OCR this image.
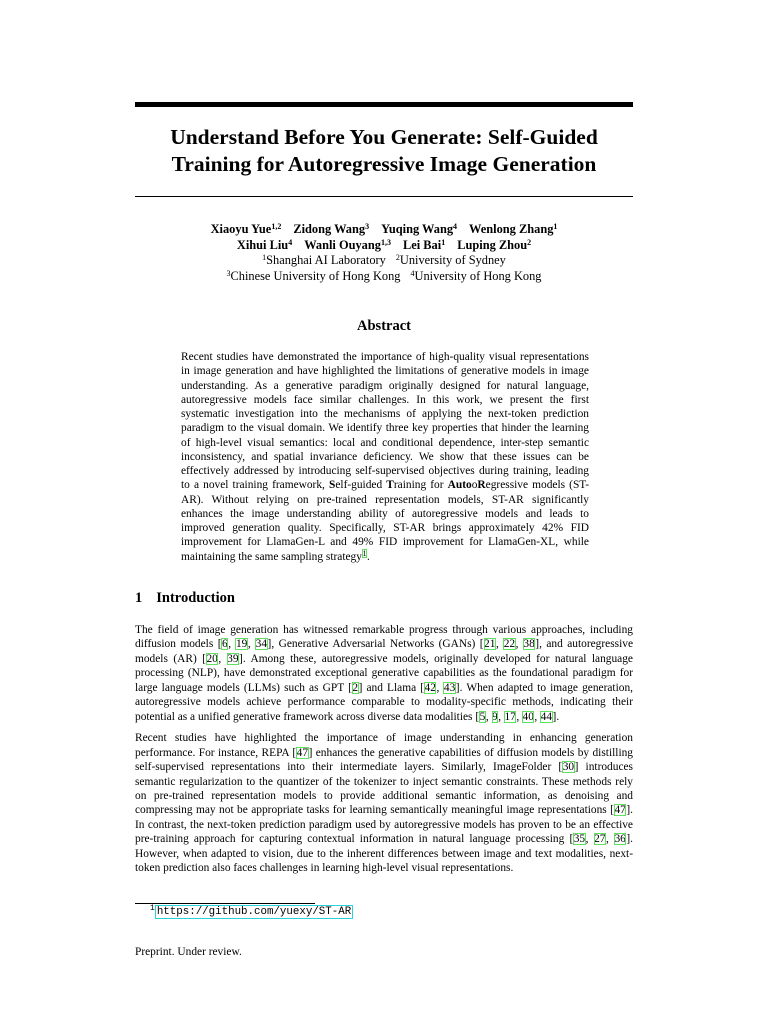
Understand Before You Generate: Self-Guided
Training for Autoregressive Image Generation
Xiaoyu Yue$^{1,2}$ Zidong Wang$^3$ Yuqing Wang$^4$ Wenlong Zhang$^1$
Xihui Liu$^4$ Wanli Ouyang$^{1,3}$ Lei Bai$^1$ Luping Zhou$^2$
$^1$Shanghai AI Laboratory $^2$University of Sydney
$^3$Chinese University of Hong Kong $^4$University of Hong Kong
Abstract
Recent studies have demonstrated the importance of high-quality visual representations in image generation and have highlighted the limitations of generative models in image understanding. As a generative paradigm originally designed for natural language, autoregressive models face similar challenges. In this work, we present the first systematic investigation into the mechanisms of applying the next-token prediction paradigm to the visual domain. We identify three key properties that hinder the learning of high-level visual semantics: local and conditional dependence, inter-step semantic inconsistency, and spatial invariance deficiency. We show that these issues can be effectively addressed by introducing self-supervised objectives during training, leading to a novel training framework, Self-guided Training for AutooRegressive models (ST-AR). Without relying on pre-trained representation models, ST-AR significantly enhances the image understanding ability of autoregressive models and leads to improved generation quality. Specifically, ST-AR brings approximately 42% FID improvement for LlamaGen-L and 49% FID improvement for LlamaGen-XL, while maintaining the same sampling strategy$^1$.
1 Introduction

The field of image generation has witnessed remarkable progress through various approaches, including diffusion models [6, 19, 34], Generative Adversarial Networks (GANs) [21, 22, 38], and autoregressive models (AR) [20, 39]. Among these, autoregressive models, originally developed for natural language processing (NLP), have demonstrated exceptional generative capabilities as the foundational paradigm for large language models (LLMs) such as GPT [2] and Llama [42, 43]. When adapted to image generation, autoregressive models achieve performance comparable to modality-specific methods, indicating their potential as a unified generative framework across diverse data modalities [5, 9, 17, 40, 44].

Recent studies have highlighted the importance of image understanding in enhancing generation performance. For instance, REPA [47] enhances the generative capabilities of diffusion models by distilling self-supervised representations into their intermediate layers. Similarly, ImageFolder [30] introduces semantic regularization to the quantizer of the tokenizer to inject semantic constraints. These methods rely on pre-trained representation models to provide additional semantic information, as denoising and compressing may not be appropriate tasks for learning semantically meaningful image representations [47]. In contrast, the next-token prediction paradigm used by autoregressive models has proven to be an effective pre-training approach for capturing contextual information in natural language processing [35, 27, 36]. However, when adapted to vision, due to the inherent differences between image and text modalities, next-token prediction also faces challenges in learning high-level visual representations.

$^1$ https://github.com/yuexy/ST-AR
Preprint. Under review.
